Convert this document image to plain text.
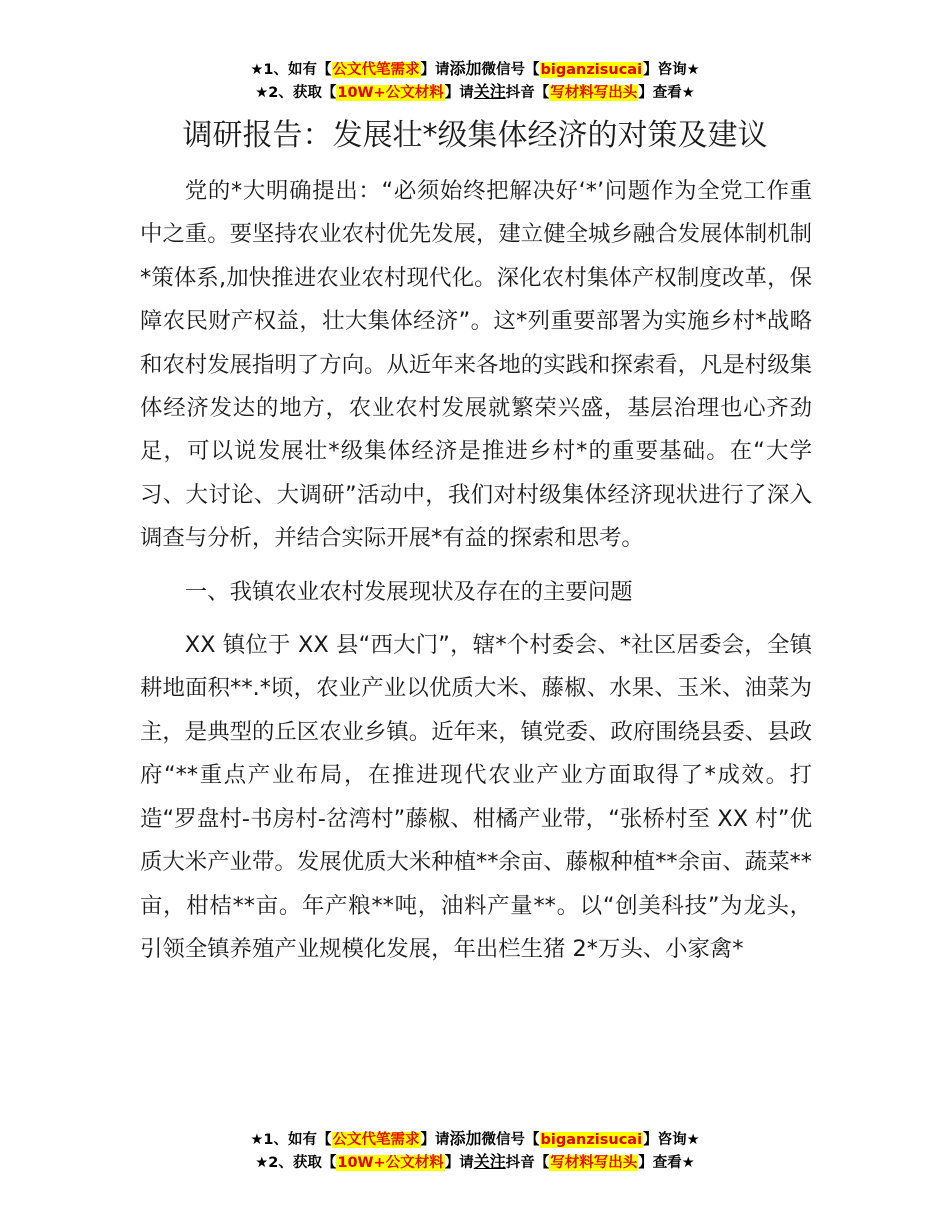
★1、如有【公文代笔需求】请添加微信号【biganzisucai】咨询★
★2、获取【10W+公文材料】请关注抖音【写材料写出头】查看★
调研报告：发展壮*级集体经济的对策及建议

党的*大明确提出：“必须始终把解决好‘*’问题作为全党工作重中之重。要坚持农业农村优先发展，建立健全城乡融合发展体制机制*策体系,加快推进农业农村现代化。深化农村集体产权制度改革，保障农民财产权益，壮大集体经济”。这*列重要部署为实施乡村*战略和农村发展指明了方向。从近年来各地的实践和探索看，凡是村级集体经济发达的地方，农业农村发展就繁荣兴盛，基层治理也心齐劲足，可以说发展壮*级集体经济是推进乡村*的重要基础。在“大学习、大讨论、大调研”活动中，我们对村级集体经济现状进行了深入调查与分析，并结合实际开展*有益的探索和思考。

一、我镇农业农村发展现状及存在的主要问题

XX 镇位于 XX 县“西大门”，辖*个村委会、*社区居委会，全镇耕地面积**.*顷，农业产业以优质大米、藤椒、水果、玉米、油菜为主，是典型的丘区农业乡镇。近年来，镇党委、政府围绕县委、县政府“**重点产业布局，在推进现代农业产业方面取得了*成效。打造“罗盘村-书房村-岔湾村”藤椒、柑橘产业带，“张桥村至 XX 村”优质大米产业带。发展优质大米种植**余亩、藤椒种植**余亩、蔬菜**亩，柑桔**亩。年产粮**吨，油料产量**。以“创美科技”为龙头，引领全镇养殖产业规模化发展，年出栏生猪 2*万头、小家禽*

★1、如有【公文代笔需求】请添加微信号【biganzisucai】咨询★
★2、获取【10W+公文材料】请关注抖音【写材料写出头】查看★
